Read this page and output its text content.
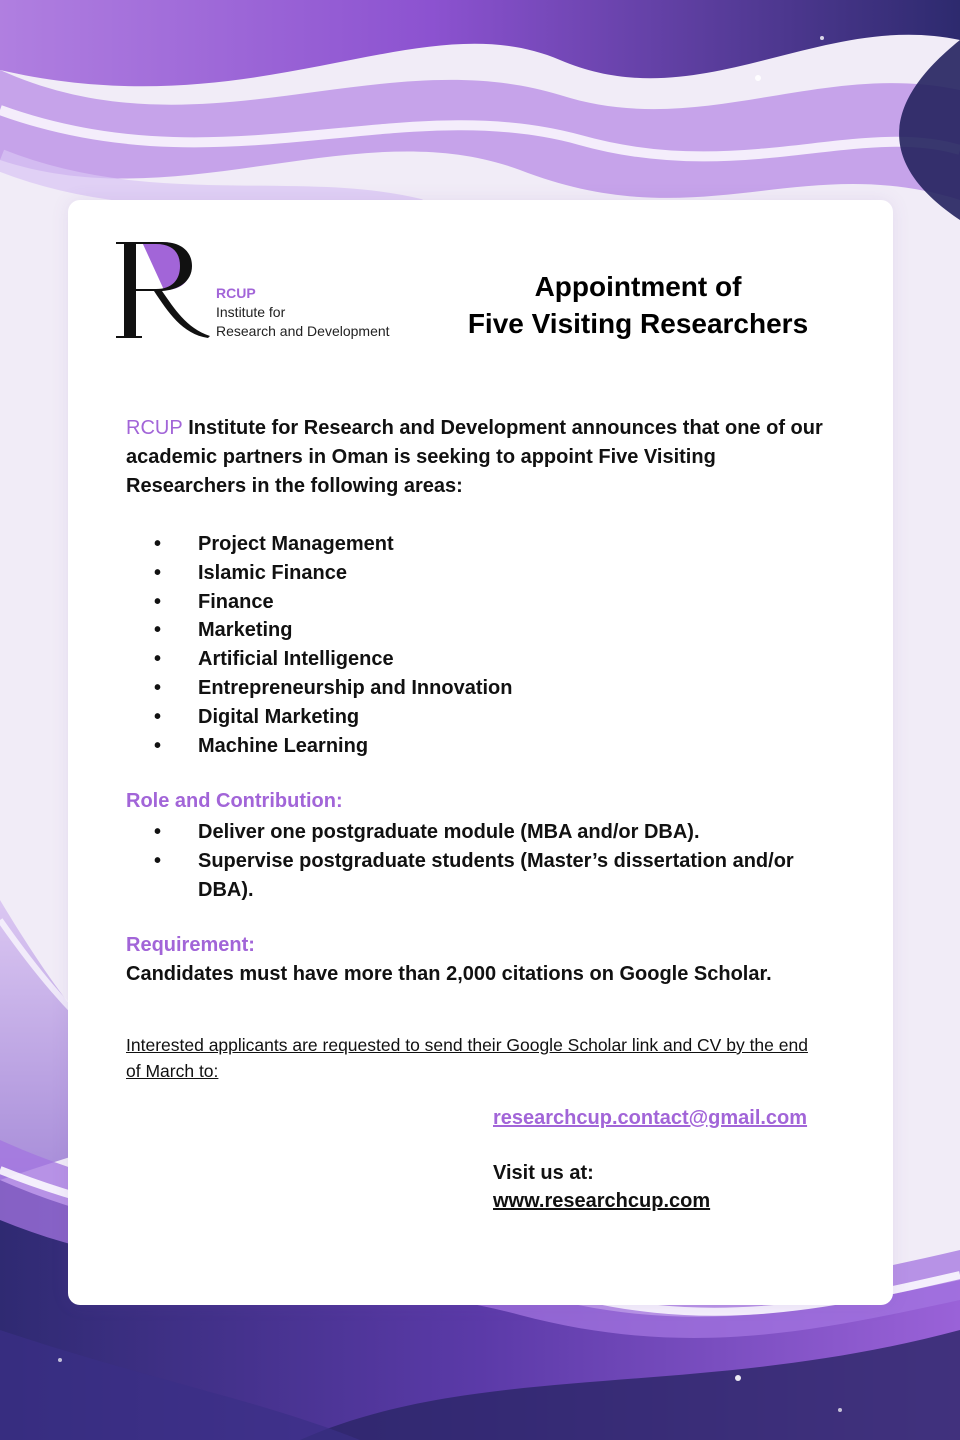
RCUP
Institute for
Research and Development
Appointment of
Five Visiting Researchers
RCUP Institute for Research and Development announces that one of our academic partners in Oman is seeking to appoint Five Visiting Researchers in the following areas:
• Project Management
• Islamic Finance
• Finance
• Marketing
• Artificial Intelligence
• Entrepreneurship and Innovation
• Digital Marketing
• Machine Learning
Role and Contribution:
• Deliver one postgraduate module (MBA and/or DBA).
• Supervise postgraduate students (Master’s dissertation and/or DBA).
Requirement:
Candidates must have more than 2,000 citations on Google Scholar.
Interested applicants are requested to send their Google Scholar link and CV by the end of March to:
researchcup.contact@gmail.com
Visit us at:
www.researchcup.com
